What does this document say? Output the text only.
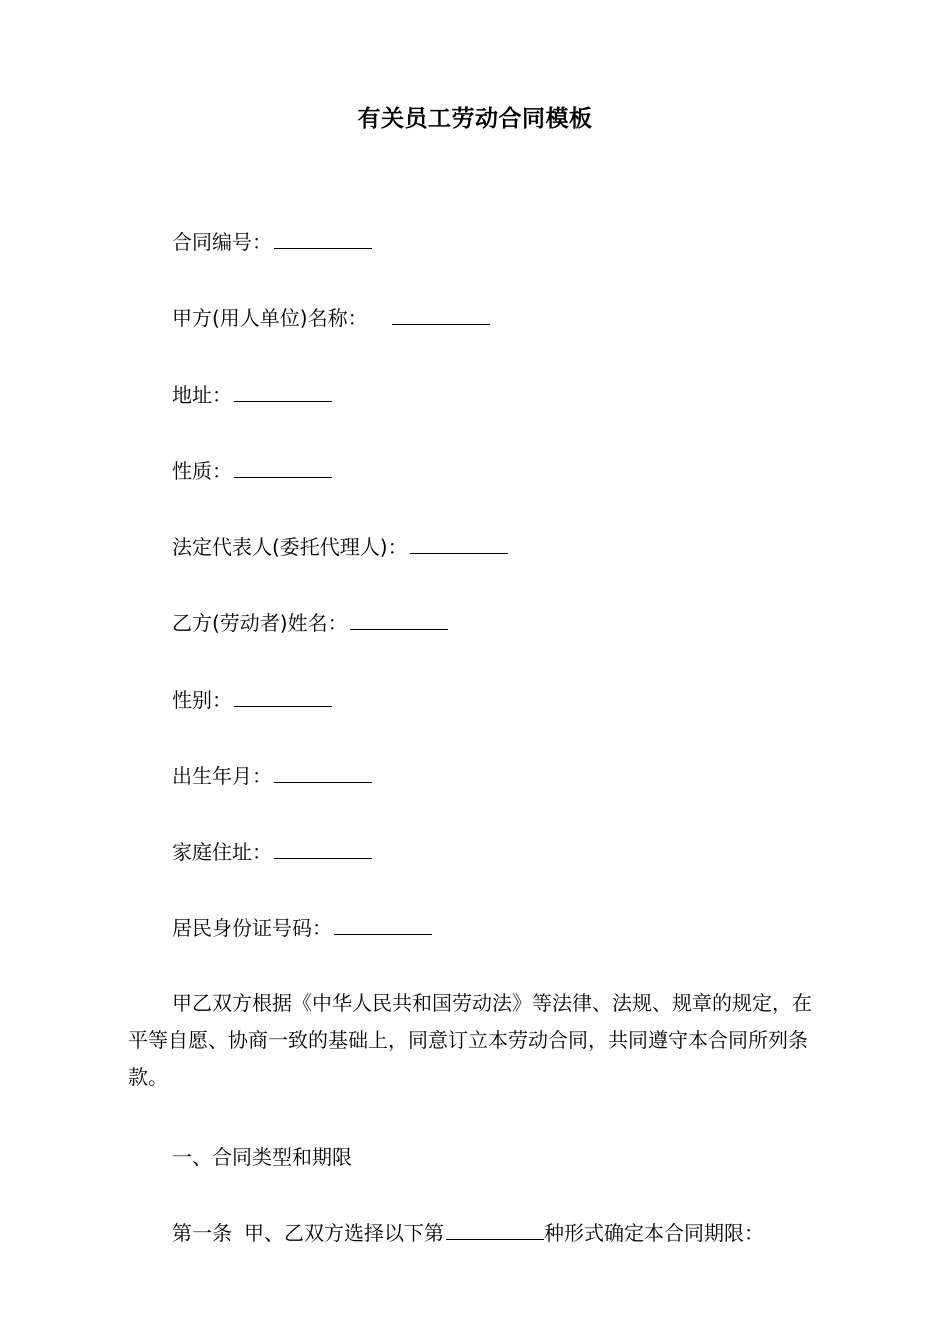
有关员工劳动合同模板
合同编号：
甲方(用人单位)名称：
地址：
性质：
法定代表人(委托代理人)：
乙方(劳动者)姓名：
性别：
出生年月：
家庭住址：
居民身份证号码：
甲乙双方根据《中华人民共和国劳动法》等法律、法规、规章的规定，在平等自愿、协商一致的基础上，同意订立本劳动合同，共同遵守本合同所列条款。
一、合同类型和期限
第一条 甲、乙双方选择以下第	种形式确定本合同期限：
